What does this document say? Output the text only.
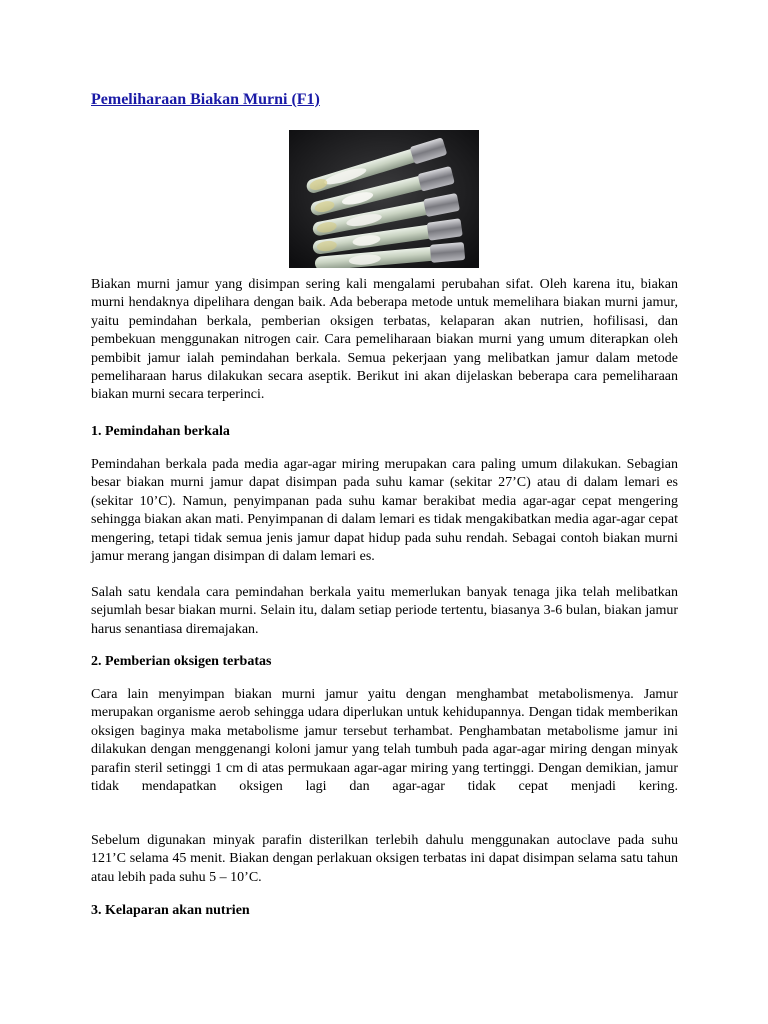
Pemeliharaan Biakan Murni (F1)

Biakan murni jamur yang disimpan sering kali mengalami perubahan sifat. Oleh karena itu, biakan murni hendaknya dipelihara dengan baik. Ada beberapa metode untuk memelihara biakan murni jamur, yaitu pemindahan berkala, pemberian oksigen terbatas, kelaparan akan nutrien, hofilisasi, dan pembekuan menggunakan nitrogen cair. Cara pemeliharaan biakan murni yang umum diterapkan oleh pembibit jamur ialah pemindahan berkala. Semua pekerjaan yang melibatkan jamur dalam metode pemeliharaan harus dilakukan secara aseptik. Berikut ini akan dijelaskan beberapa cara pemeliharaan biakan murni secara terperinci.

1. Pemindahan berkala

Pemindahan berkala pada media agar-agar miring merupakan cara paling umum dilakukan. Sebagian besar biakan murni jamur dapat disimpan pada suhu kamar (sekitar 27’C) atau di dalam lemari es (sekitar 10’C). Namun, penyimpanan pada suhu kamar berakibat media agar-agar cepat mengering sehingga biakan akan mati. Penyimpanan di dalam lemari es tidak mengakibatkan media agar-agar cepat mengering, tetapi tidak semua jenis jamur dapat hidup pada suhu rendah. Sebagai contoh biakan murni jamur merang jangan disimpan di dalam lemari es.

Salah satu kendala cara pemindahan berkala yaitu memerlukan banyak tenaga jika telah melibatkan sejumlah besar biakan murni. Selain itu, dalam setiap periode tertentu, biasanya 3-6 bulan, biakan jamur harus senantiasa diremajakan.

2. Pemberian oksigen terbatas

Cara lain menyimpan biakan murni jamur yaitu dengan menghambat metabolismenya. Jamur merupakan organisme aerob sehingga udara diperlukan untuk kehidupannya. Dengan tidak memberikan oksigen baginya maka metabolisme jamur tersebut terhambat. Penghambatan metabolisme jamur ini dilakukan dengan menggenangi koloni jamur yang telah tumbuh pada agar-agar miring dengan minyak parafin steril setinggi 1 cm di atas permukaan agar-agar miring yang tertinggi. Dengan demikian, jamur tidak mendapatkan oksigen lagi dan agar-agar tidak cepat menjadi kering.

Sebelum digunakan minyak parafin disterilkan terlebih dahulu menggunakan autoclave pada suhu 121’C selama 45 menit. Biakan dengan perlakuan oksigen terbatas ini dapat disimpan selama satu tahun atau lebih pada suhu 5 – 10’C.

3. Kelaparan akan nutrien
